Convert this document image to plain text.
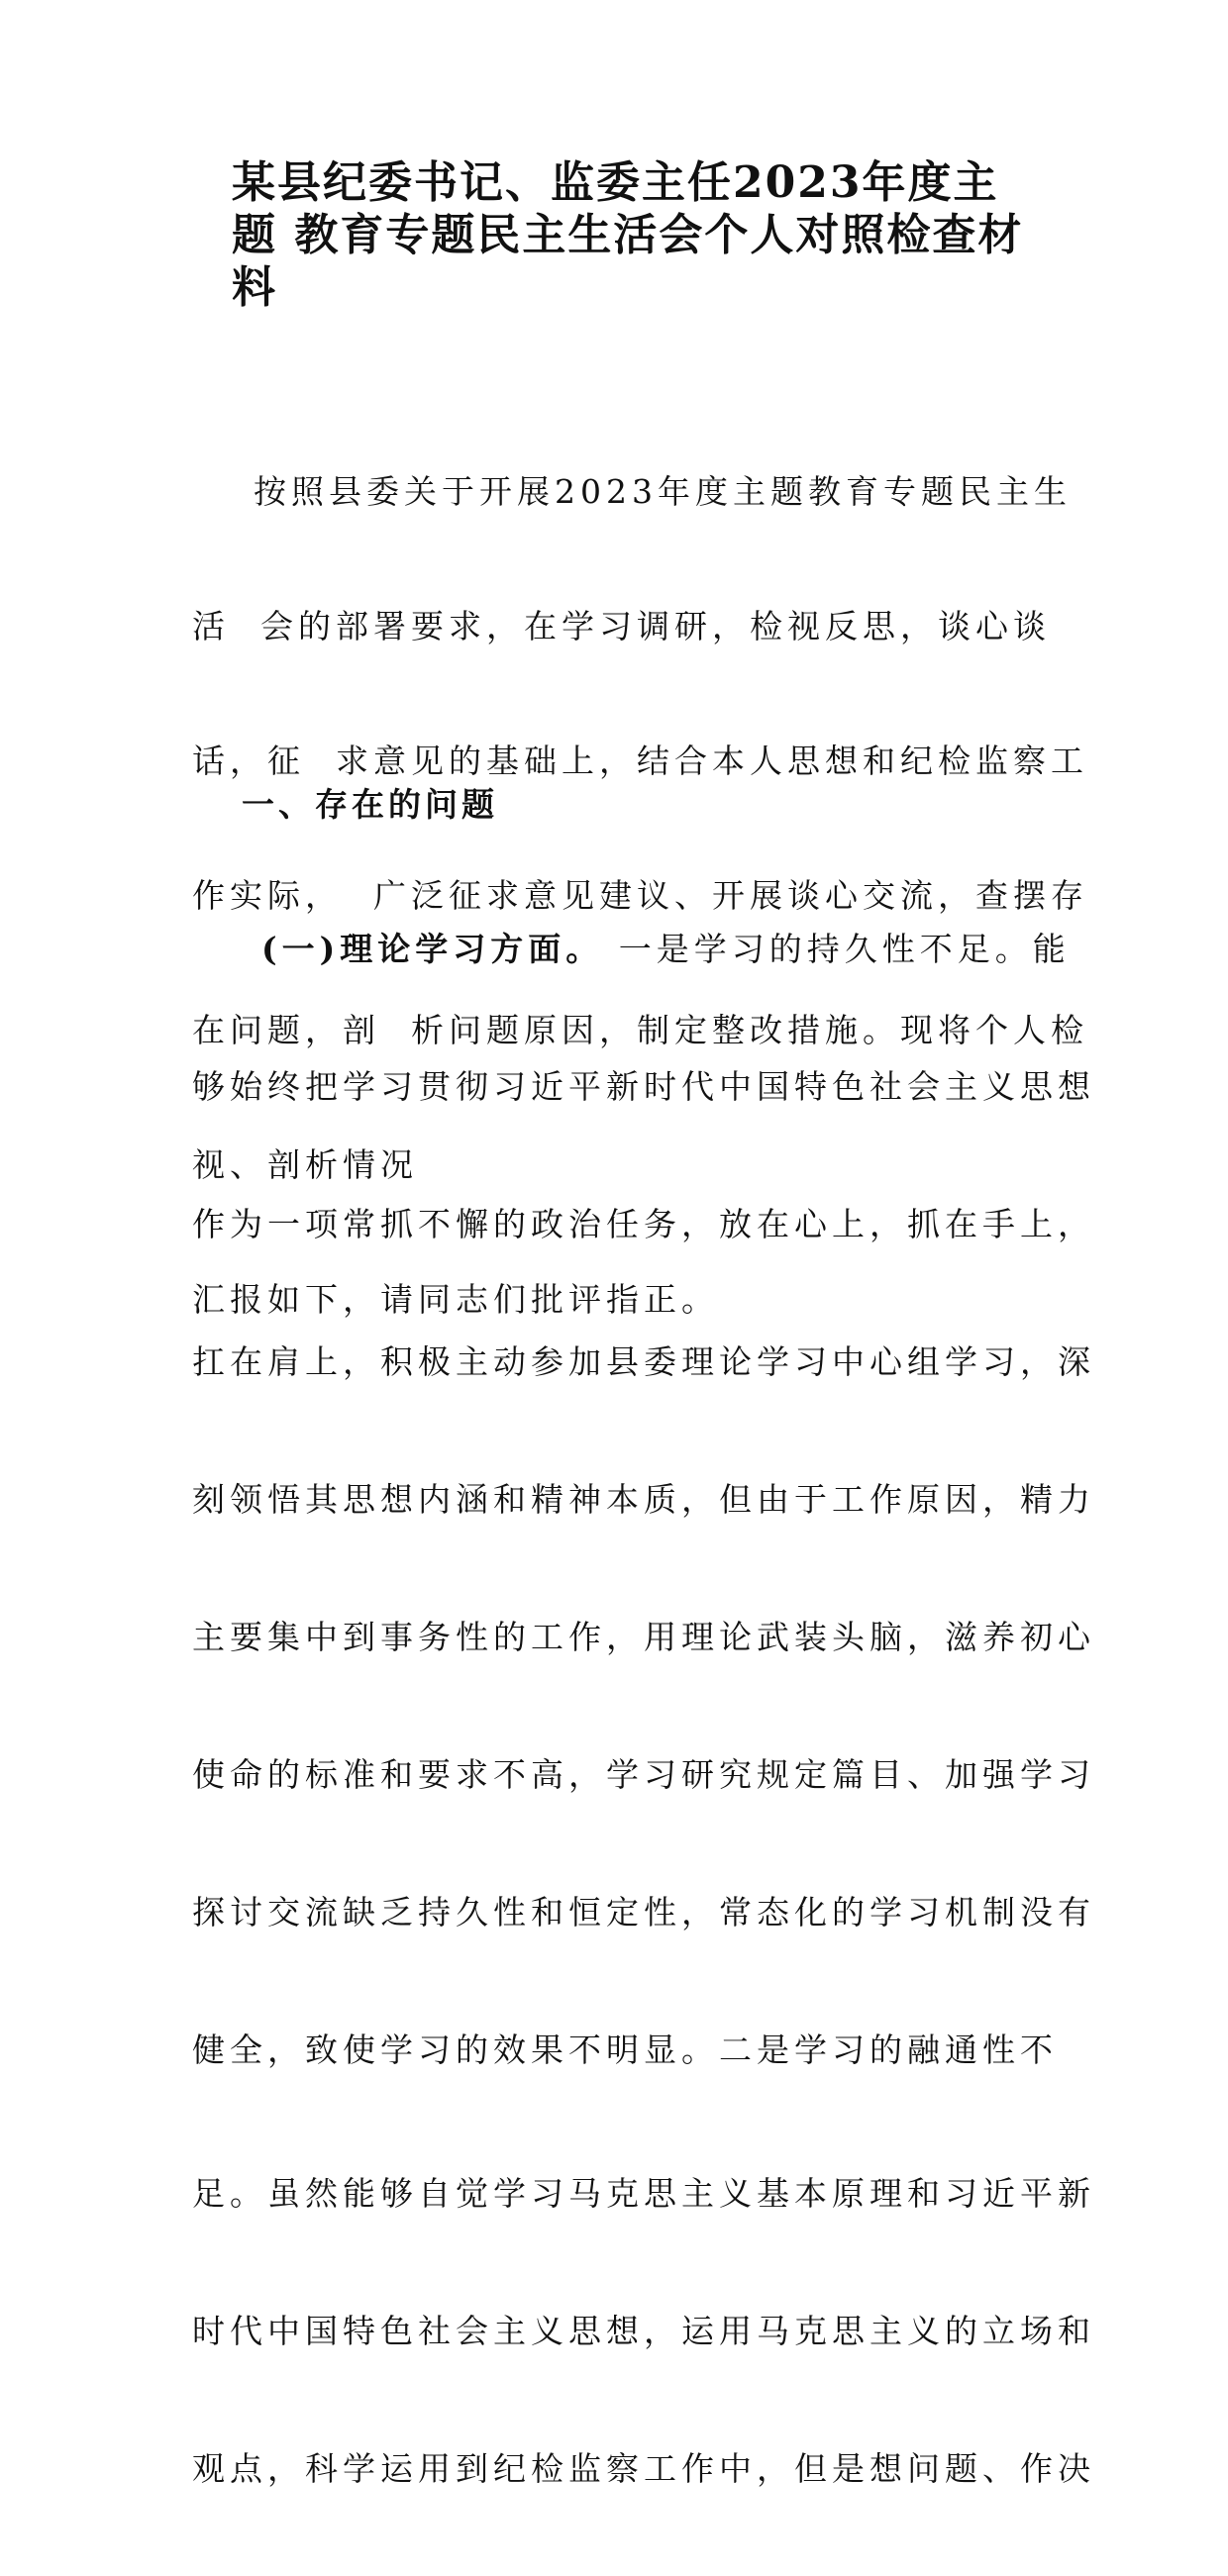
某县纪委书记、监委主任2023年度主
题 教育专题民主生活会个人对照检查材
料

按照县委关于开展2023年度主题教育专题民主生

活  会的部署要求，在学习调研，检视反思，谈心谈

话，征  求意见的基础上，结合本人思想和纪检监察工

作实际，  广泛征求意见建议、开展谈心交流，查摆存

在问题，剖  析问题原因，制定整改措施。现将个人检

视、剖析情况

汇报如下，请同志们批评指正。

一、存在的问题

(一)理论学习方面。 一是学习的持久性不足。能

够始终把学习贯彻习近平新时代中国特色社会主义思想

作为一项常抓不懈的政治任务，放在心上，抓在手上，

扛在肩上，积极主动参加县委理论学习中心组学习，深

刻领悟其思想内涵和精神本质，但由于工作原因，精力

主要集中到事务性的工作，用理论武装头脑，滋养初心

使命的标准和要求不高，学习研究规定篇目、加强学习

探讨交流缺乏持久性和恒定性，常态化的学习机制没有

健全，致使学习的效果不明显。二是学习的融通性不

足。虽然能够自觉学习马克思主义基本原理和习近平新

时代中国特色社会主义思想，运用马克思主义的立场和

观点，科学运用到纪检监察工作中，但是想问题、作决
